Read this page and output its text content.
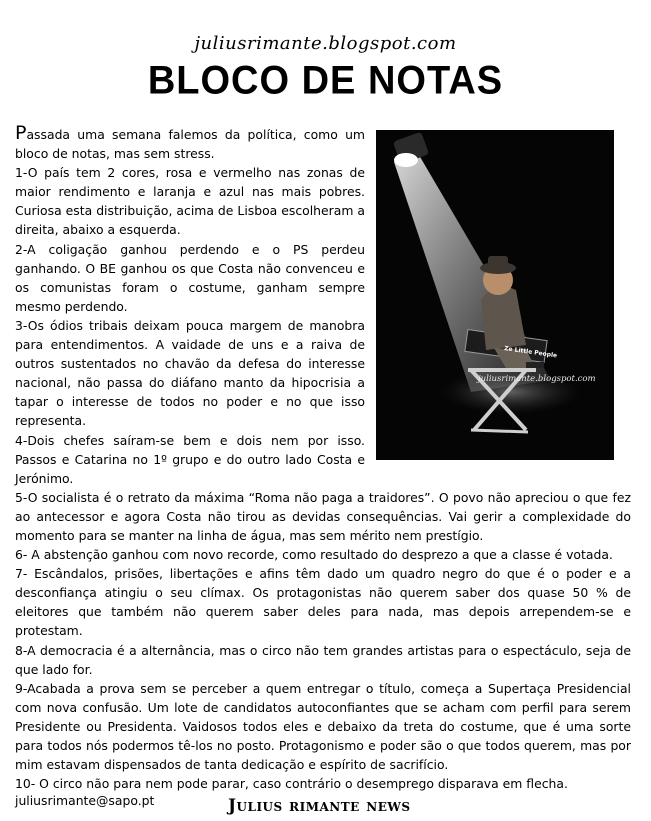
juliusrimante.blogspot.com
BLOCO DE NOTAS
Ze Little People
juliusrimante.blogspot.com

Passada uma semana falemos da política, como um bloco de notas, mas sem stress.

1-O país tem 2 cores, rosa e vermelho nas zonas de maior rendimento e laranja e azul nas mais pobres. Curiosa esta distribuição, acima de Lisboa escolheram a direita, abaixo a esquerda.

2-A coligação ganhou perdendo e o PS perdeu ganhando. O BE ganhou os que Costa não convenceu e os comunistas foram o costume, ganham sempre mesmo perdendo.

3-Os ódios tribais deixam pouca margem de manobra para entendimentos. A vaidade de uns e a raiva de outros sustentados no chavão da defesa do interesse nacional, não passa do diáfano manto da hipocrisia a tapar o interesse de todos no poder e no que isso representa.

4-Dois chefes saíram-se bem e dois nem por isso. Passos e Catarina no 1º grupo e do outro lado Costa e Jerónimo.

5-O socialista é o retrato da máxima “Roma não paga a traidores”. O povo não apreciou o que fez ao antecessor e agora Costa não tirou as devidas consequências. Vai gerir a complexidade do momento para se manter na linha de água, mas sem mérito nem prestígio.

6- A abstenção ganhou com novo recorde, como resultado do desprezo a que a classe é votada.

7- Escândalos, prisões, libertações e afins têm dado um quadro negro do que é o poder e a desconfiança atingiu o seu clímax. Os protagonistas não querem saber dos quase 50 % de eleitores que também não querem saber deles para nada, mas depois arrependem-se e protestam.

8-A democracia é a alternância, mas o circo não tem grandes artistas para o espectáculo, seja de que lado for.

9-Acabada a prova sem se perceber a quem entregar o título, começa a Supertaça Presidencial com nova confusão. Um lote de candidatos autoconfiantes que se acham com perfil para serem Presidente ou Presidenta. Vaidosos todos eles e debaixo da treta do costume, que é uma sorte para todos nós podermos tê-los no posto. Protagonismo e poder são o que todos querem, mas por mim estavam dispensados de tanta dedicação e espírito de sacrifício.

10- O circo não para nem pode parar, caso contrário o desemprego disparava em flecha.

juliusrimante@sapo.pt	Julius rimante news
